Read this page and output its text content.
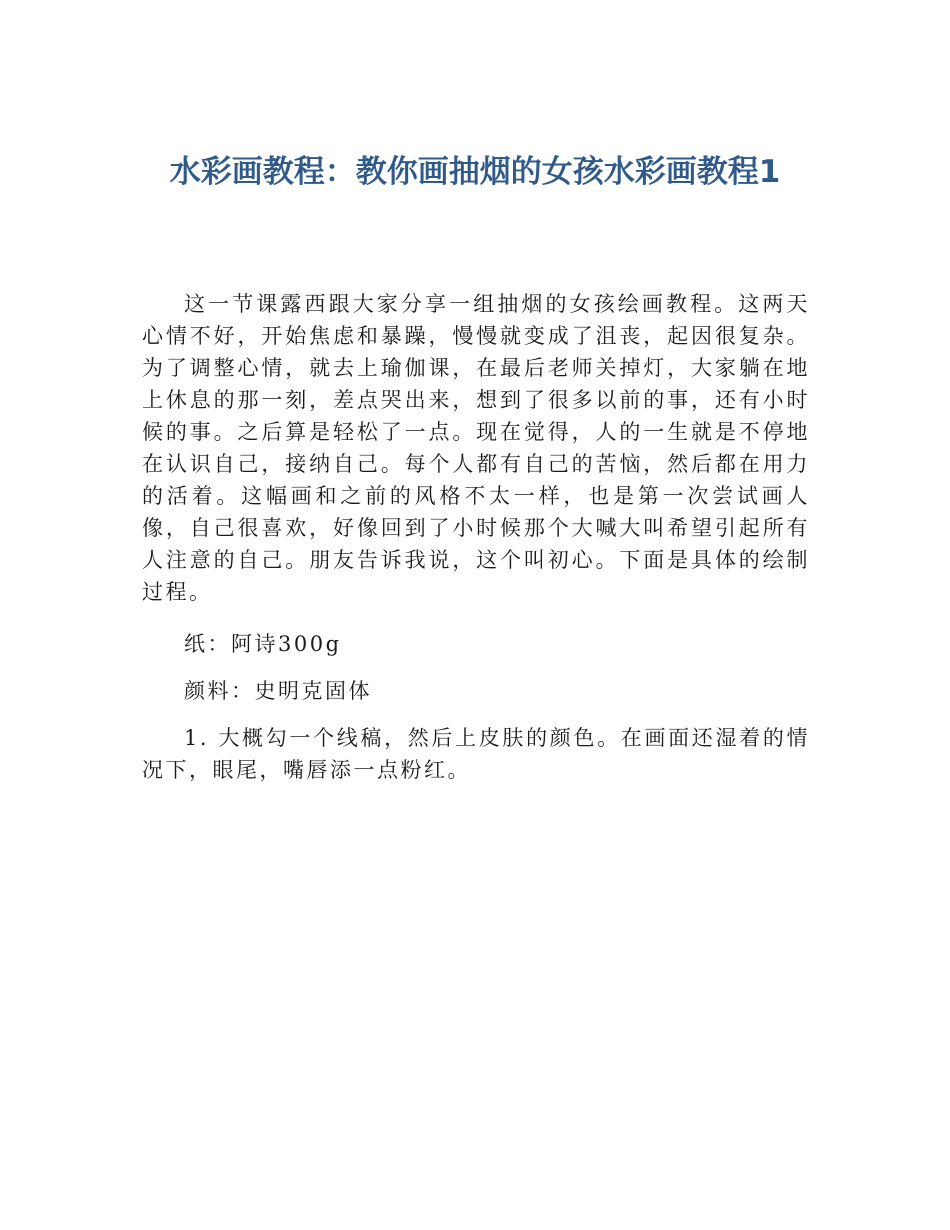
水彩画教程：教你画抽烟的女孩水彩画教程1

这一节课露西跟大家分享一组抽烟的女孩绘画教程。这两天心情不好，开始焦虑和暴躁，慢慢就变成了沮丧，起因很复杂。为了调整心情，就去上瑜伽课，在最后老师关掉灯，大家躺在地上休息的那一刻，差点哭出来，想到了很多以前的事，还有小时候的事。之后算是轻松了一点。现在觉得，人的一生就是不停地在认识自己，接纳自己。每个人都有自己的苦恼，然后都在用力的活着。这幅画和之前的风格不太一样，也是第一次尝试画人像，自己很喜欢，好像回到了小时候那个大喊大叫希望引起所有人注意的自己。朋友告诉我说，这个叫初心。下面是具体的绘制过程。

纸：阿诗300g

颜料：史明克固体

1. 大概勾一个线稿，然后上皮肤的颜色。在画面还湿着的情况下，眼尾，嘴唇添一点粉红。
